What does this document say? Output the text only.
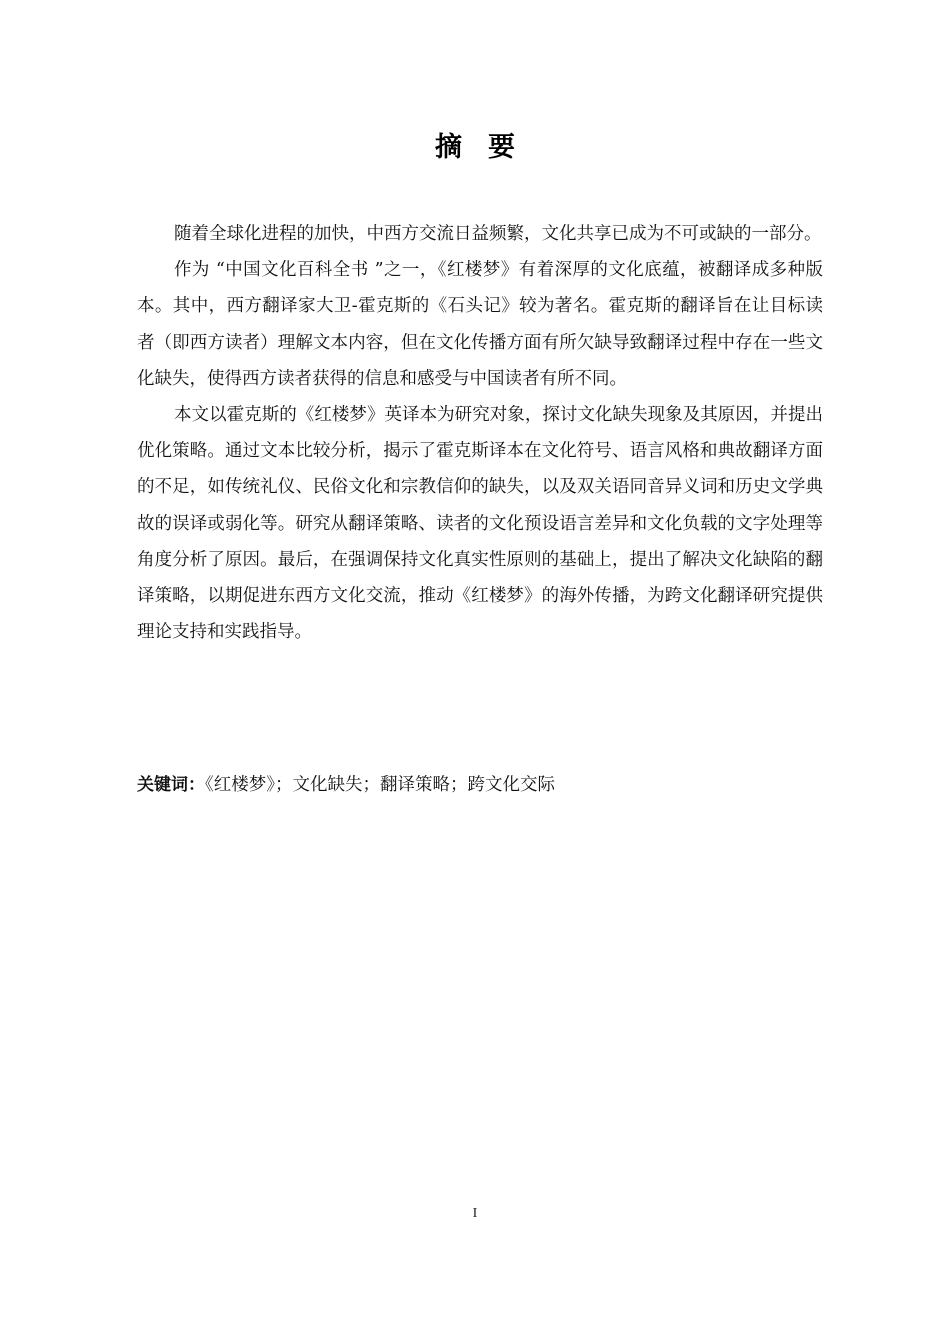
摘要

随着全球化进程的加快，中西方交流日益频繁，文化共享已成为不可或缺的一部分。

作为 “中国文化百科全书 ”之一，《红楼梦》有着深厚的文化底蕴，被翻译成多种版本。其中，西方翻译家大卫-霍克斯的《石头记》较为著名。霍克斯的翻译旨在让目标读者（即西方读者）理解文本内容，但在文化传播方面有所欠缺导致翻译过程中存在一些文化缺失，使得西方读者获得的信息和感受与中国读者有所不同。

本文以霍克斯的《红楼梦》英译本为研究对象，探讨文化缺失现象及其原因，并提出优化策略。通过文本比较分析，揭示了霍克斯译本在文化符号、语言风格和典故翻译方面的不足，如传统礼仪、民俗文化和宗教信仰的缺失，以及双关语同音异义词和历史文学典故的误译或弱化等。研究从翻译策略、读者的文化预设语言差异和文化负载的文字处理等角度分析了原因。最后，在强调保持文化真实性原则的基础上，提出了解决文化缺陷的翻译策略，以期促进东西方文化交流，推动《红楼梦》的海外传播，为跨文化翻译研究提供理论支持和实践指导。

关键词：《红楼梦》；文化缺失；翻译策略；跨文化交际
I
